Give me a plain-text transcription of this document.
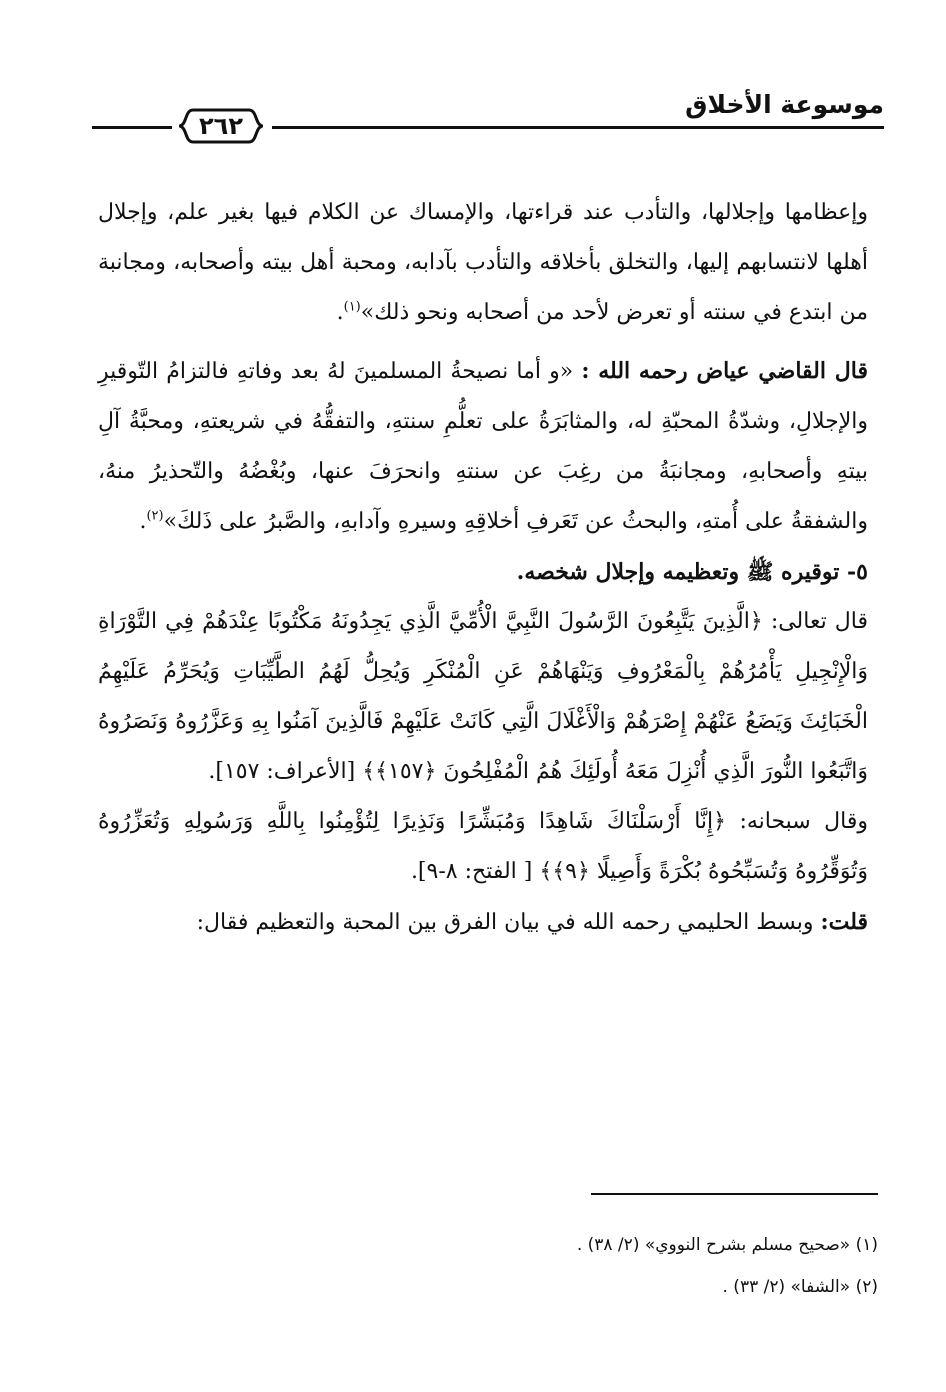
موسوعة الأخلاق
٢٦٢

وإعظامها وإجلالها، والتأدب عند قراءتها، والإمساك عن الكلام فيها بغير علم، وإجلال أهلها لانتسابهم إليها، والتخلق بأخلاقه والتأدب بآدابه، ومحبة أهل بيته وأصحابه، ومجانبة من ابتدع في سنته أو تعرض لأحد من أصحابه ونحو ذلك»$^{(١)}$.

قال القاضي عياض رحمه الله : «و أما نصيحةُ المسلمينَ لهُ بعد وفاتهِ فالتزامُ التّوقيرِ والإجلالِ، وشدّةُ المحبّةِ له، والمثابَرَةُ على تعلُّمِ سنتهِ، والتفقُّهُ في شريعتهِ، ومحبَّةُ آلِ بيتهِ وأصحابهِ، ومجانبَةُ من رغِبَ عن سنتهِ وانحرَفَ عنها، وبُغْضُهُ والتّحذيرُ منهُ، والشفقةُ على أُمتهِ، والبحثُ عن تَعَرفِ أخلاقِهِ وسيرهِ وآدابهِ، والصَّبرُ على ذَلكَ»$^{(٢)}$.

٥- توقيره ﷺ وتعظيمه وإجلال شخصه.

قال تعالى: ﴿الَّذِينَ يَتَّبِعُونَ الرَّسُولَ النَّبِيَّ الْأُمِّيَّ الَّذِي يَجِدُونَهُ مَكْتُوبًا عِنْدَهُمْ فِي التَّوْرَاةِ وَالْإِنْجِيلِ يَأْمُرُهُمْ بِالْمَعْرُوفِ وَيَنْهَاهُمْ عَنِ الْمُنْكَرِ وَيُحِلُّ لَهُمُ الطَّيِّبَاتِ وَيُحَرِّمُ عَلَيْهِمُ الْخَبَائِثَ وَيَضَعُ عَنْهُمْ إِصْرَهُمْ وَالْأَغْلَالَ الَّتِي كَانَتْ عَلَيْهِمْ فَالَّذِينَ آمَنُوا بِهِ وَعَزَّرُوهُ وَنَصَرُوهُ وَاتَّبَعُوا النُّورَ الَّذِي أُنْزِلَ مَعَهُ أُولَئِكَ هُمُ الْمُفْلِحُونَ ﴿١٥٧﴾﴾ [الأعراف: ١٥٧].

وقال سبحانه: ﴿إِنَّا أَرْسَلْنَاكَ شَاهِدًا وَمُبَشِّرًا وَنَذِيرًا لِتُؤْمِنُوا بِاللَّهِ وَرَسُولِهِ وَتُعَزِّرُوهُ وَتُوَقِّرُوهُ وَتُسَبِّحُوهُ بُكْرَةً وَأَصِيلًا ﴿٩﴾﴾ [ الفتح: ٨-٩].

قلت: وبسط الحليمي رحمه الله في بيان الفرق بين المحبة والتعظيم فقال:

(١) «صحيح مسلم بشرح النووي» (٢/ ٣٨) .
(٢) «الشفا» (٢/ ٣٣) .
